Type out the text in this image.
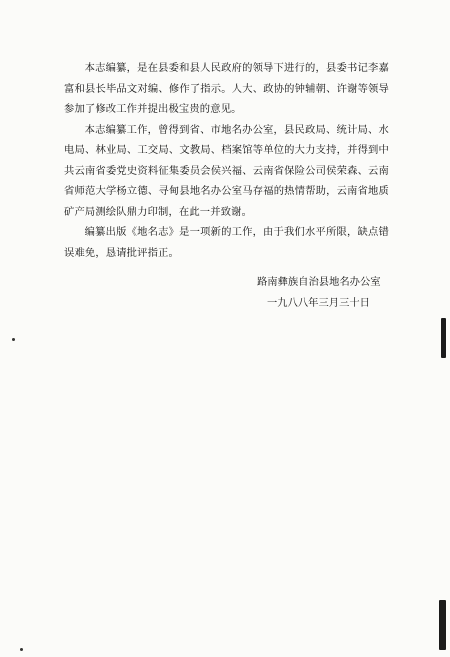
本志编纂，是在县委和县人民政府的领导下进行的，县委书记李嘉富和县长毕品文对编、修作了指示。人大、政协的钟辅朝、许谢等领导参加了修改工作并提出极宝贵的意见。

本志编纂工作，曾得到省、市地名办公室，县民政局、统计局、水电局、林业局、工交局、文教局、档案馆等单位的大力支持，并得到中共云南省委党史资料征集委员会侯兴福、云南省保险公司侯荣森、云南省师范大学杨立德、寻甸县地名办公室马存福的热情帮助，云南省地质矿产局测绘队鼎力印制，在此一并致谢。

编纂出版《地名志》是一项新的工作，由于我们水平所限，缺点错误难免，恳请批评指正。

路南彝族自治县地名办公室
一九八八年三月三十日
